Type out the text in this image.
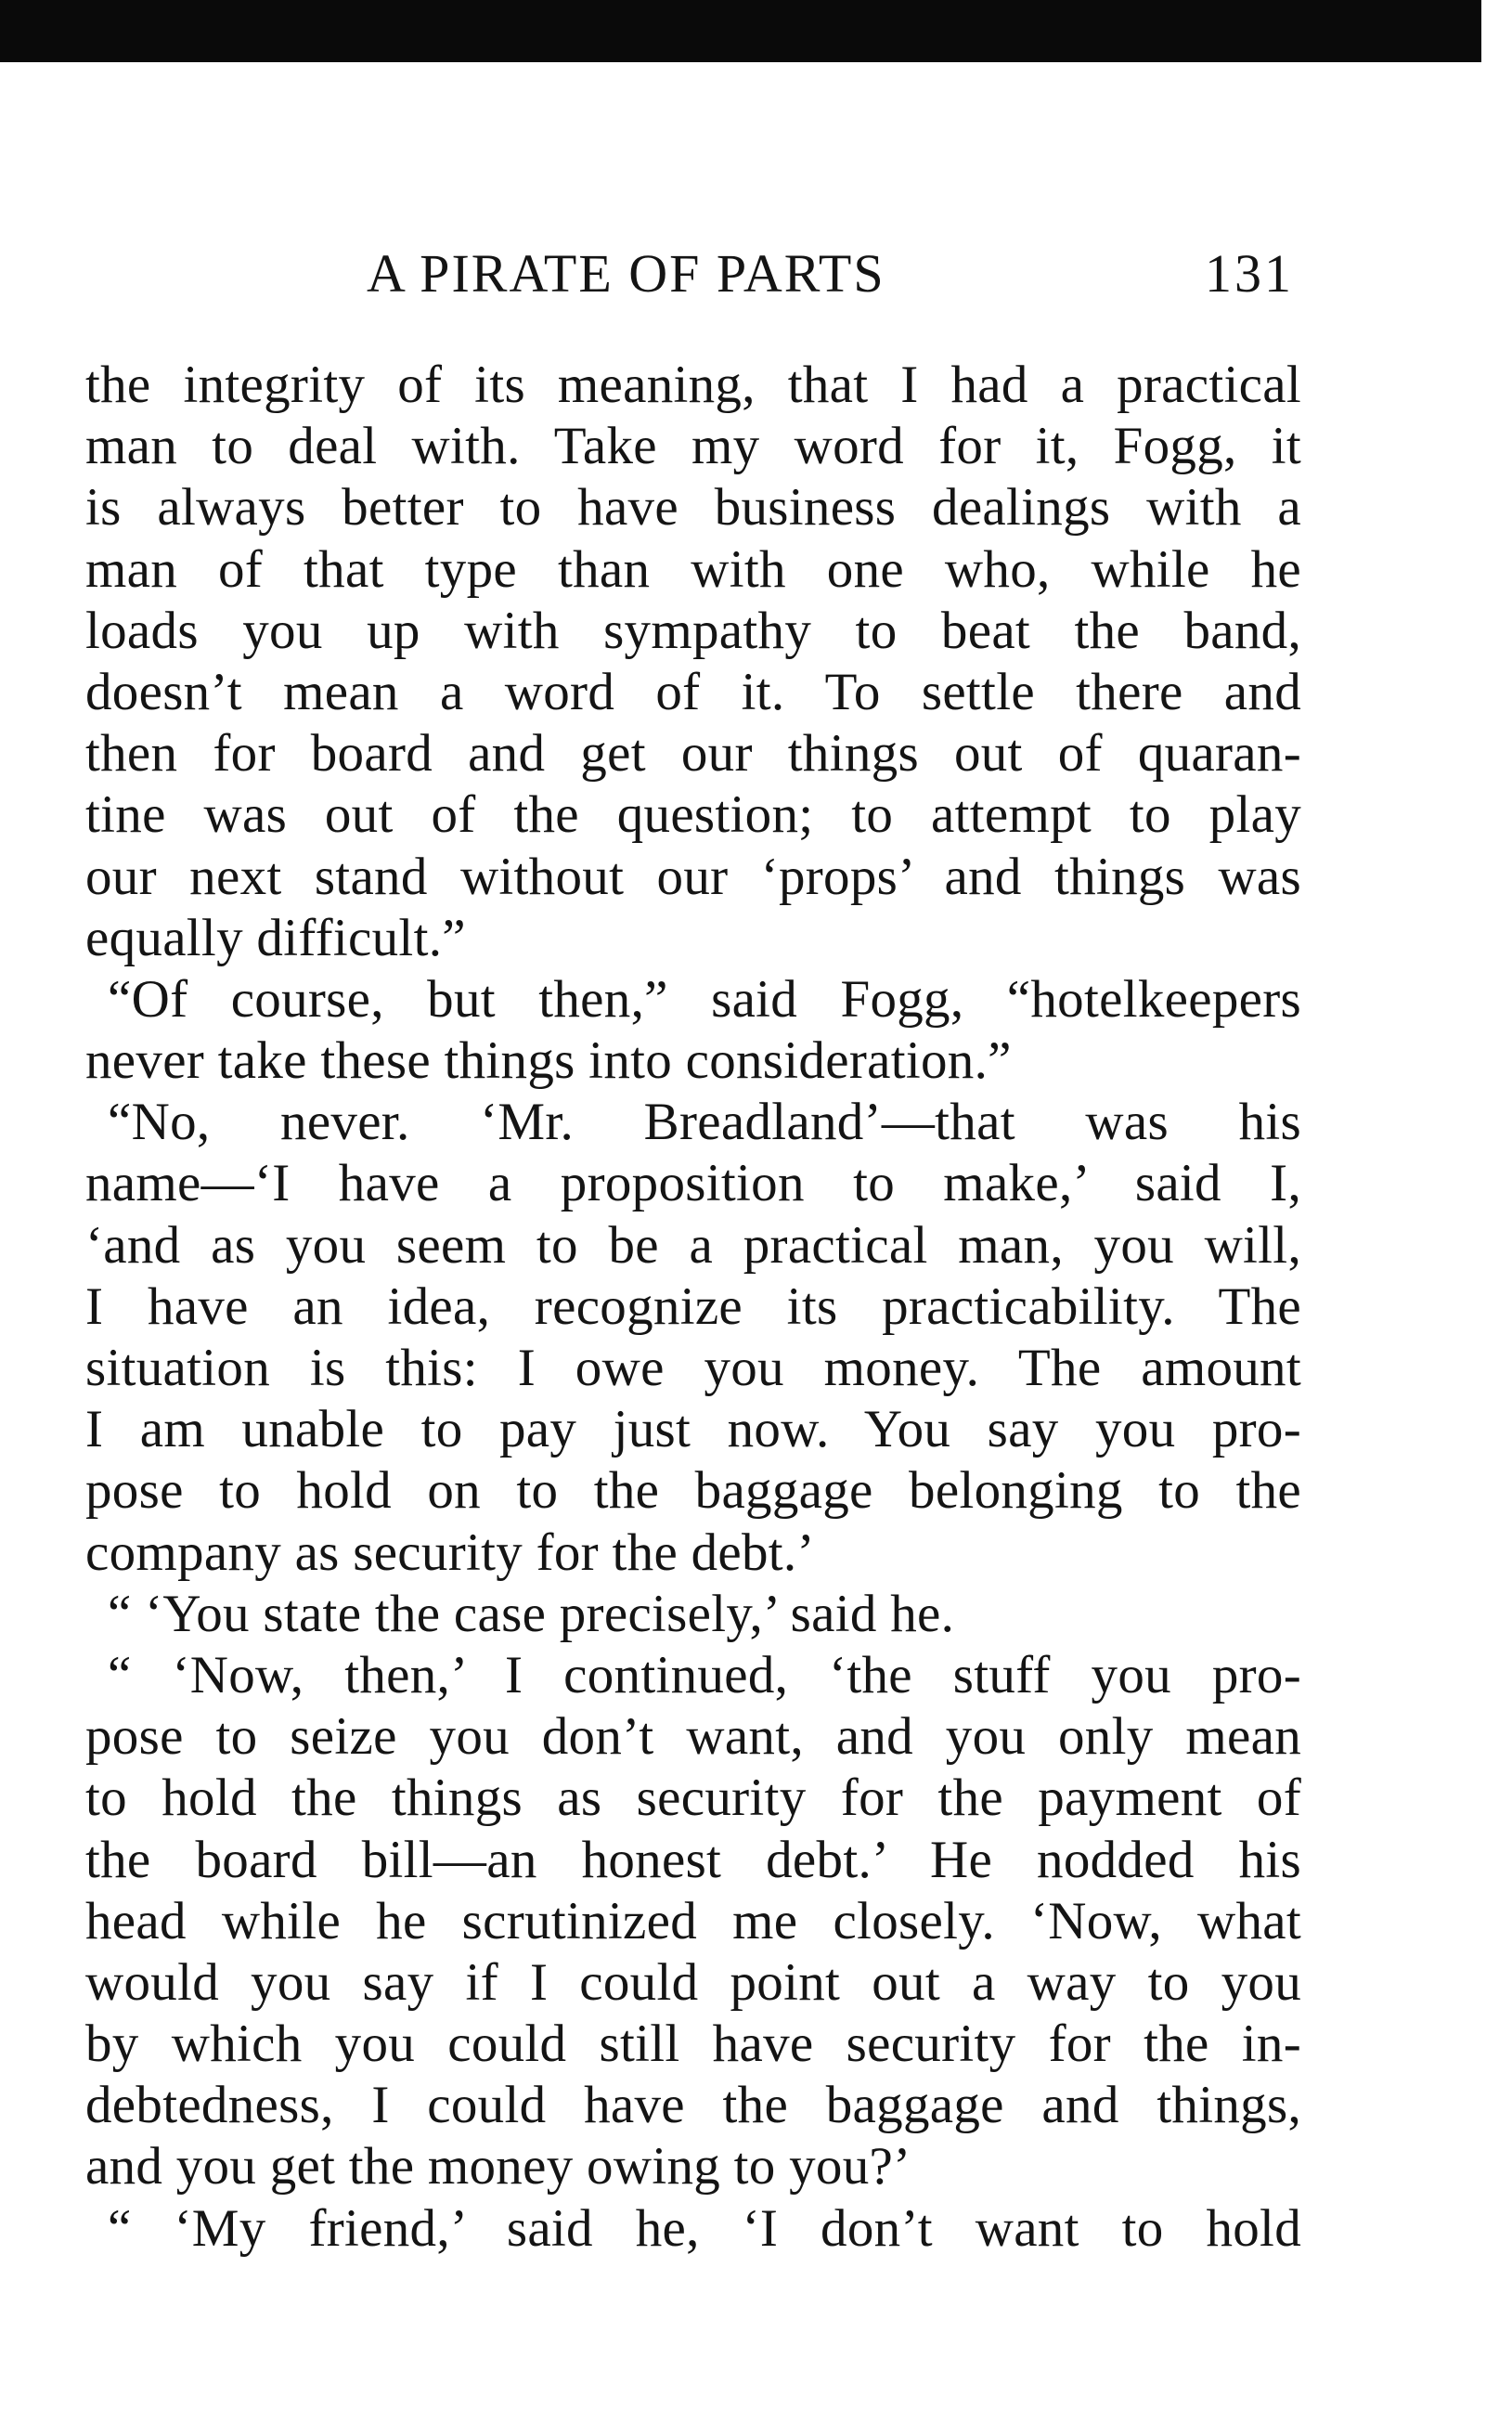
A PIRATE OF PARTS	131
the integrity of its meaning, that I had a practical
man to deal with. Take my word for it, Fogg, it
is always better to have business dealings with a
man of that type than with one who, while he
loads you up with sympathy to beat the band,
doesn’t mean a word of it. To settle there and
then for board and get our things out of quaran-
tine was out of the question; to attempt to play
our next stand without our ‘props’ and things was
equally difficult.”
“Of course, but then,” said Fogg, “hotelkeepers
never take these things into consideration.”
“No, never. ‘Mr. Breadland’—that was his
name—‘I have a proposition to make,’ said I,
‘and as you seem to be a practical man, you will,
I have an idea, recognize its practicability. The
situation is this: I owe you money. The amount
I am unable to pay just now. You say you pro-
pose to hold on to the baggage belonging to the
company as security for the debt.’
“ ‘You state the case precisely,’ said he.
“ ‘Now, then,’ I continued, ‘the stuff you pro-
pose to seize you don’t want, and you only mean
to hold the things as security for the payment of
the board bill—an honest debt.’ He nodded his
head while he scrutinized me closely. ‘Now, what
would you say if I could point out a way to you
by which you could still have security for the in-
debtedness, I could have the baggage and things,
and you get the money owing to you?’
“ ‘My friend,’ said he, ‘I don’t want to hold
